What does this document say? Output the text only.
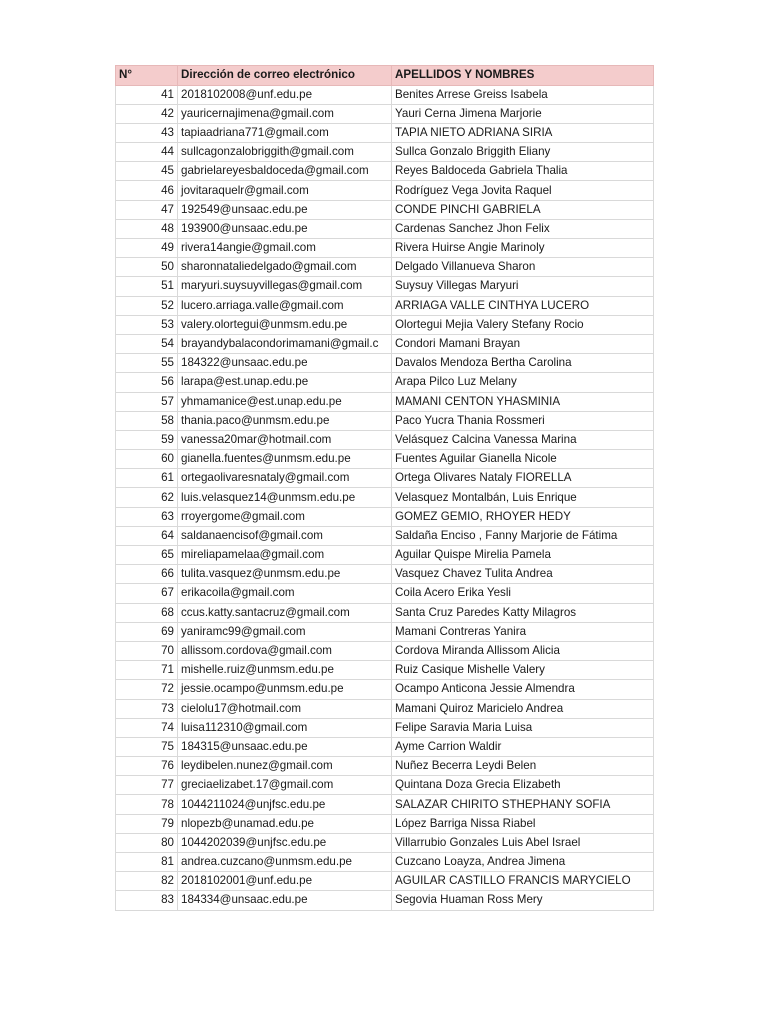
N°	Dirección de correo electrónico	APELLIDOS Y NOMBRES
41	2018102008@unf.edu.pe	Benites Arrese Greiss Isabela
42	yauricernajimena@gmail.com	Yauri Cerna Jimena Marjorie
43	tapiaadriana771@gmail.com	TAPIA NIETO ADRIANA SIRIA
44	sullcagonzalobriggith@gmail.com	Sullca Gonzalo Briggith Eliany
45	gabrielareyesbaldoceda@gmail.com	Reyes Baldoceda Gabriela Thalia
46	jovitaraquelr@gmail.com	Rodríguez Vega Jovita Raquel
47	192549@unsaac.edu.pe	CONDE PINCHI GABRIELA
48	193900@unsaac.edu.pe	Cardenas Sanchez Jhon Felix
49	rivera14angie@gmail.com	Rivera Huirse Angie Marinoly
50	sharonnataliedelgado@gmail.com	Delgado Villanueva Sharon
51	maryuri.suysuyvillegas@gmail.com	Suysuy Villegas Maryuri
52	lucero.arriaga.valle@gmail.com	ARRIAGA VALLE CINTHYA LUCERO
53	valery.olortegui@unmsm.edu.pe	Olortegui Mejia Valery Stefany Rocio
54	brayandybalacondorimamani@gmail.c	Condori Mamani Brayan
55	184322@unsaac.edu.pe	Davalos Mendoza Bertha Carolina
56	larapa@est.unap.edu.pe	Arapa Pilco Luz Melany
57	yhmamanice@est.unap.edu.pe	MAMANI CENTON YHASMINIA
58	thania.paco@unmsm.edu.pe	Paco Yucra Thania Rossmeri
59	vanessa20mar@hotmail.com	Velásquez Calcina Vanessa Marina
60	gianella.fuentes@unmsm.edu.pe	Fuentes Aguilar Gianella Nicole
61	ortegaolivaresnataly@gmail.com	Ortega Olivares Nataly FIORELLA
62	luis.velasquez14@unmsm.edu.pe	Velasquez Montalbán, Luis Enrique
63	rroyergome@gmail.com	GOMEZ GEMIO, RHOYER HEDY
64	saldanaencisof@gmail.com	Saldaña Enciso , Fanny Marjorie de Fátima
65	mireliapamelaa@gmail.com	Aguilar Quispe Mirelia Pamela
66	tulita.vasquez@unmsm.edu.pe	Vasquez Chavez Tulita Andrea
67	erikacoila@gmail.com	Coila Acero Erika Yesli
68	ccus.katty.santacruz@gmail.com	Santa Cruz Paredes Katty Milagros
69	yaniramc99@gmail.com	Mamani Contreras Yanira
70	allissom.cordova@gmail.com	Cordova Miranda Allissom Alicia
71	mishelle.ruiz@unmsm.edu.pe	Ruiz Casique Mishelle Valery
72	jessie.ocampo@unmsm.edu.pe	Ocampo Anticona Jessie Almendra
73	cielolu17@hotmail.com	Mamani Quiroz Maricielo Andrea
74	luisa112310@gmail.com	Felipe Saravia Maria Luisa
75	184315@unsaac.edu.pe	Ayme Carrion Waldir
76	leydibelen.nunez@gmail.com	Nuñez Becerra Leydi Belen
77	greciaelizabet.17@gmail.com	Quintana Doza Grecia Elizabeth
78	1044211024@unjfsc.edu.pe	SALAZAR CHIRITO STHEPHANY SOFIA
79	nlopezb@unamad.edu.pe	López Barriga Nissa Riabel
80	1044202039@unjfsc.edu.pe	Villarrubio Gonzales Luis Abel Israel
81	andrea.cuzcano@unmsm.edu.pe	Cuzcano Loayza, Andrea Jimena
82	2018102001@unf.edu.pe	AGUILAR CASTILLO FRANCIS MARYCIELO
83	184334@unsaac.edu.pe	Segovia Huaman Ross Mery
